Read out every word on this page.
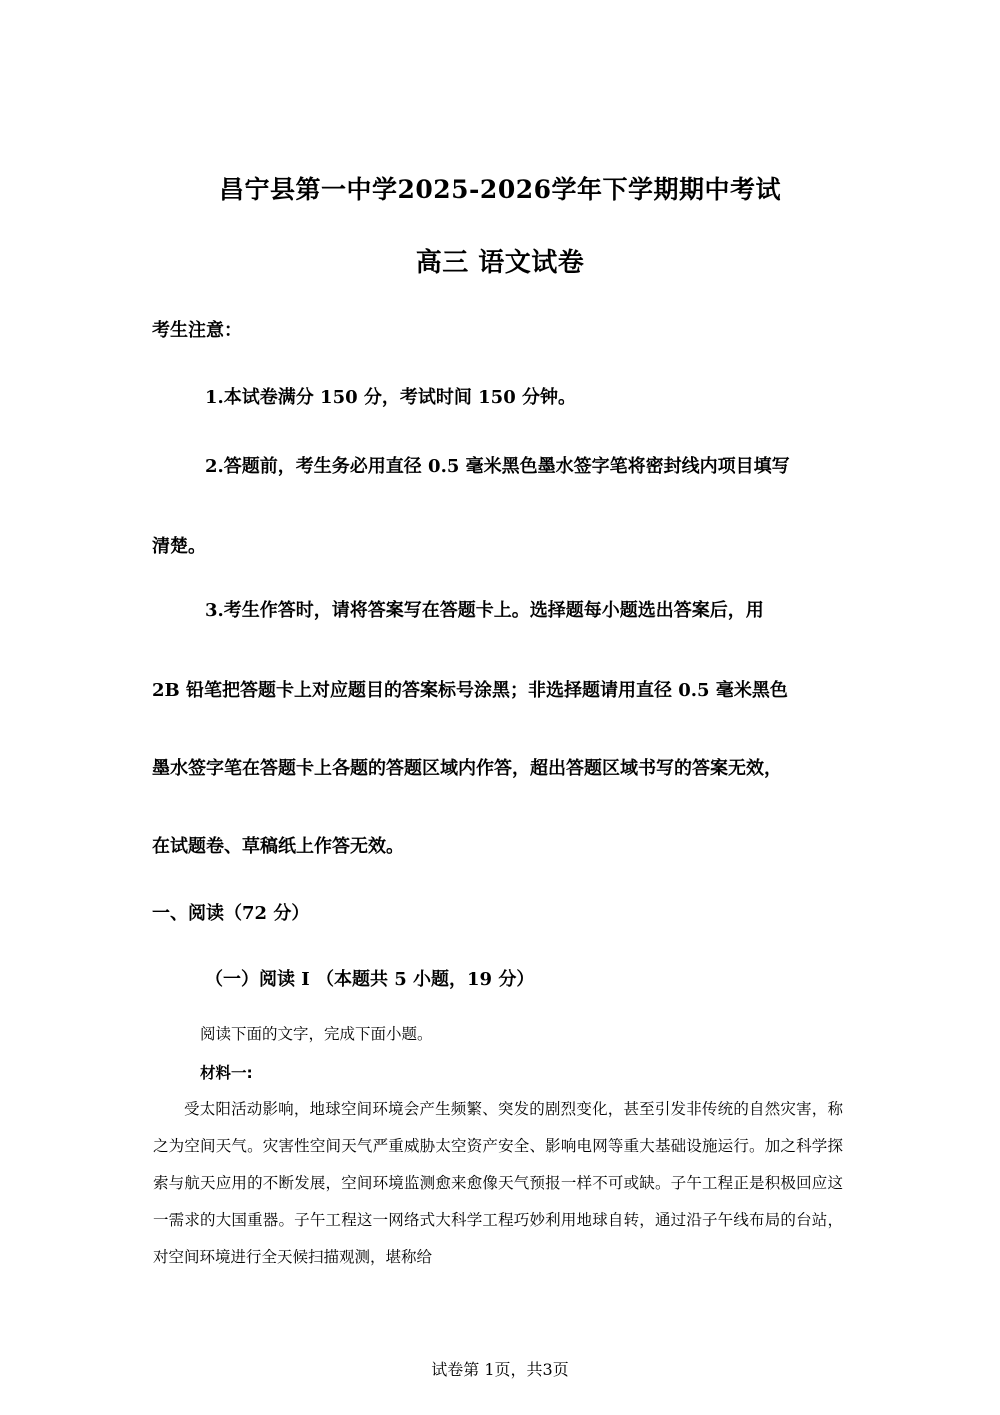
昌宁县第一中学2025-2026学年下学期期中考试
高三 语文试卷
考生注意：
1.本试卷满分 150 分，考试时间 150 分钟。
2.答题前，考生务必用直径 0.5 毫米黑色墨水签字笔将密封线内项目填写
清楚。
3.考生作答时，请将答案写在答题卡上。选择题每小题选出答案后，用
2B 铅笔把答题卡上对应题目的答案标号涂黑；非选择题请用直径 0.5 毫米黑色
墨水签字笔在答题卡上各题的答题区域内作答，超出答题区域书写的答案无效，
在试题卷、草稿纸上作答无效。
一、阅读（72 分）
（一）阅读 I （本题共 5 小题，19 分）
阅读下面的文字，完成下面小题。
材料一:
受太阳活动影响，地球空间环境会产生频繁、突发的剧烈变化，甚至引发非传统的自然灾害，称之为空间天气。灾害性空间天气严重威胁太空资产安全、影响电网等重大基础设施运行。加之科学探索与航天应用的不断发展，空间环境监测愈来愈像天气预报一样不可或缺。子午工程正是积极回应这一需求的大国重器。子午工程这一网络式大科学工程巧妙利用地球自转，通过沿子午线布局的台站，对空间环境进行全天候扫描观测，堪称给
试卷第 1页，共3页
